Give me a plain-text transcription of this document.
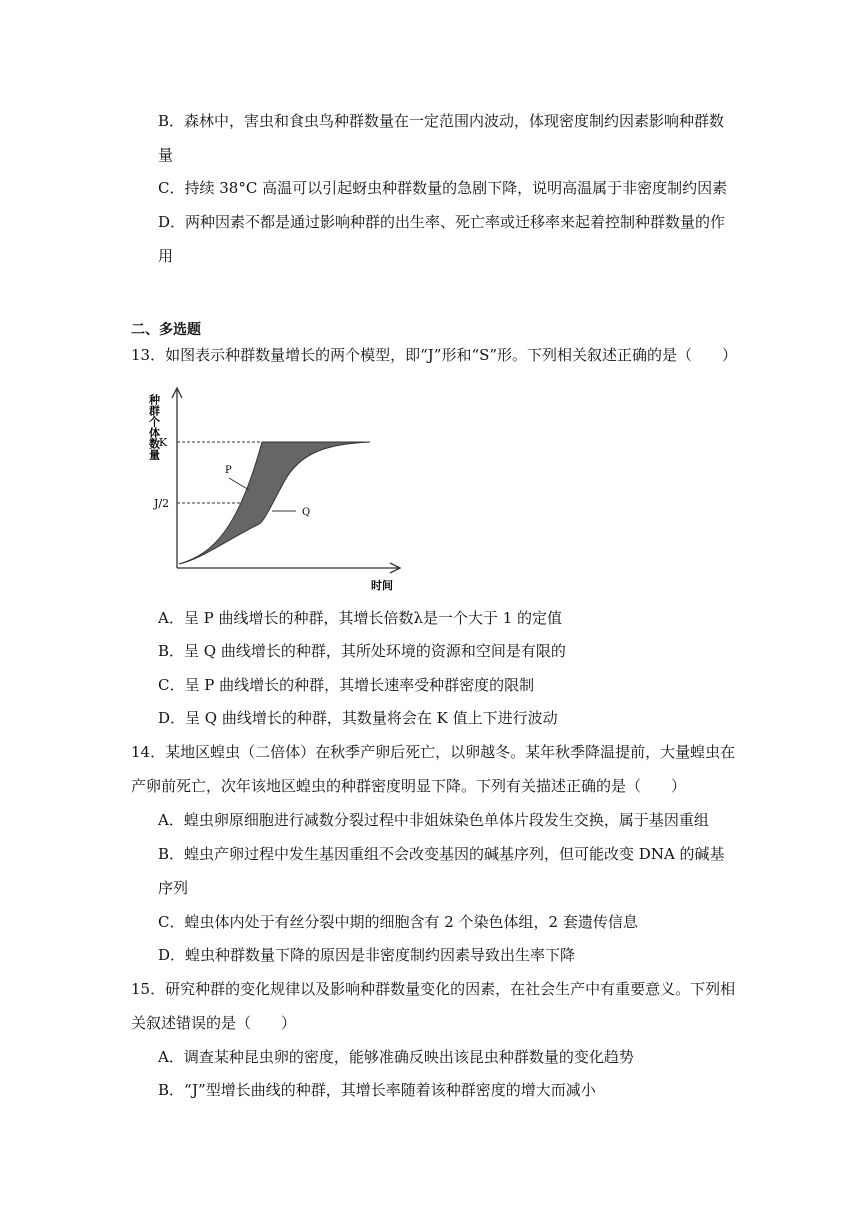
B．森林中，害虫和食虫鸟种群数量在一定范围内波动，体现密度制约因素影响种群数
量
C．持续 38°C 高温可以引起蚜虫种群数量的急剧下降，说明高温属于非密度制约因素
D．两种因素不都是通过影响种群的出生率、死亡率或迁移率来起着控制种群数量的作
用
二、多选题
13．如图表示种群数量增长的两个模型，即“J”形和“S”形。下列相关叙述正确的是（　　）
K
J/2
P
Q
时间
种群个体数量
A．呈 P 曲线增长的种群，其增长倍数λ是一个大于 1 的定值
B．呈 Q 曲线增长的种群，其所处环境的资源和空间是有限的
C．呈 P 曲线增长的种群，其增长速率受种群密度的限制
D．呈 Q 曲线增长的种群，其数量将会在 K 值上下进行波动
14．某地区蝗虫（二倍体）在秋季产卵后死亡，以卵越冬。某年秋季降温提前，大量蝗虫在
产卵前死亡，次年该地区蝗虫的种群密度明显下降。下列有关描述正确的是（　　）
A．蝗虫卵原细胞进行减数分裂过程中非姐妹染色单体片段发生交换，属于基因重组
B．蝗虫产卵过程中发生基因重组不会改变基因的碱基序列，但可能改变 DNA 的碱基
序列
C．蝗虫体内处于有丝分裂中期的细胞含有 2 个染色体组，2 套遗传信息
D．蝗虫种群数量下降的原因是非密度制约因素导致出生率下降
15．研究种群的变化规律以及影响种群数量变化的因素，在社会生产中有重要意义。下列相
关叙述错误的是（　　）
A．调查某种昆虫卵的密度，能够准确反映出该昆虫种群数量的变化趋势
B．“J”型增长曲线的种群，其增长率随着该种群密度的增大而减小
